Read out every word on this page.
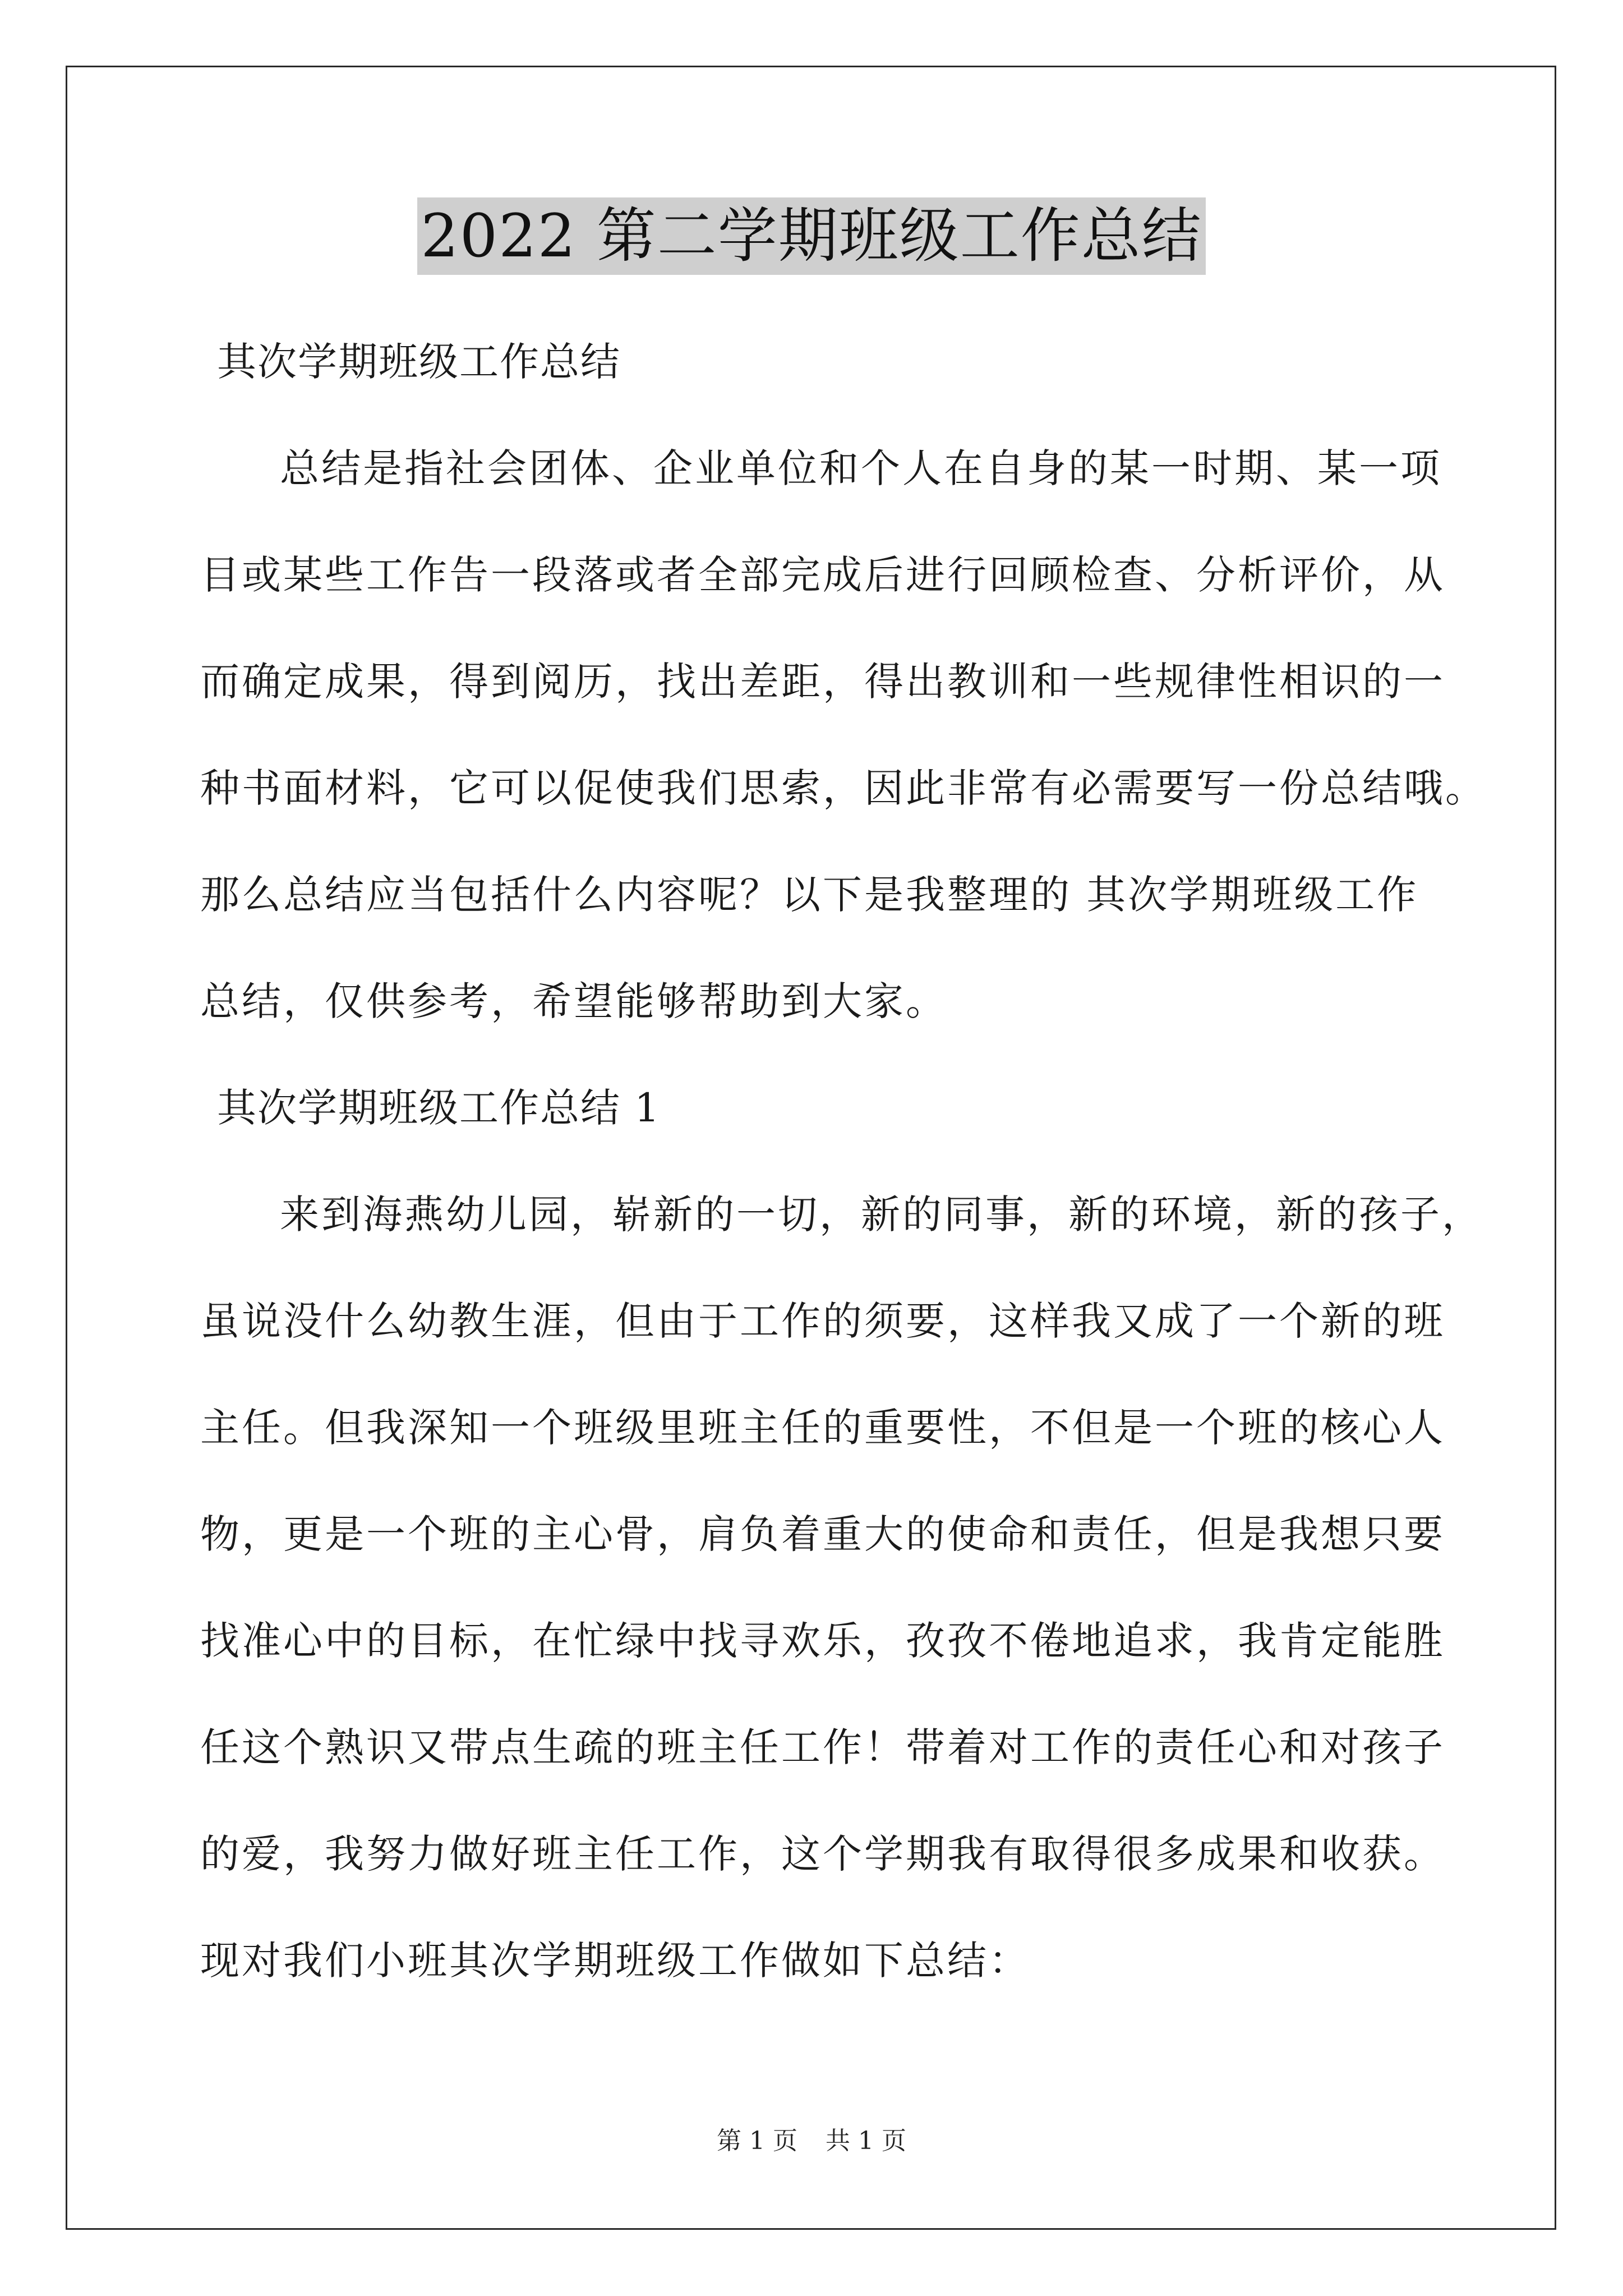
2022 第二学期班级工作总结
其次学期班级工作总结
总结是指社会团体、企业单位和个人在自身的某一时期、某一项
目或某些工作告一段落或者全部完成后进行回顾检查、分析评价，从
而确定成果，得到阅历，找出差距，得出教训和一些规律性相识的一
种书面材料，它可以促使我们思索，因此非常有必需要写一份总结哦。
那么总结应当包括什么内容呢？以下是我整理的 其次学期班级工作
总结，仅供参考，希望能够帮助到大家。
其次学期班级工作总结 1
来到海燕幼儿园，崭新的一切，新的同事，新的环境，新的孩子，
虽说没什么幼教生涯，但由于工作的须要，这样我又成了一个新的班
主任。但我深知一个班级里班主任的重要性，不但是一个班的核心人
物，更是一个班的主心骨，肩负着重大的使命和责任，但是我想只要
找准心中的目标，在忙绿中找寻欢乐，孜孜不倦地追求，我肯定能胜
任这个熟识又带点生疏的班主任工作！带着对工作的责任心和对孩子
的爱，我努力做好班主任工作，这个学期我有取得很多成果和收获。
现对我们小班其次学期班级工作做如下总结：
第 1 页 共 1 页
